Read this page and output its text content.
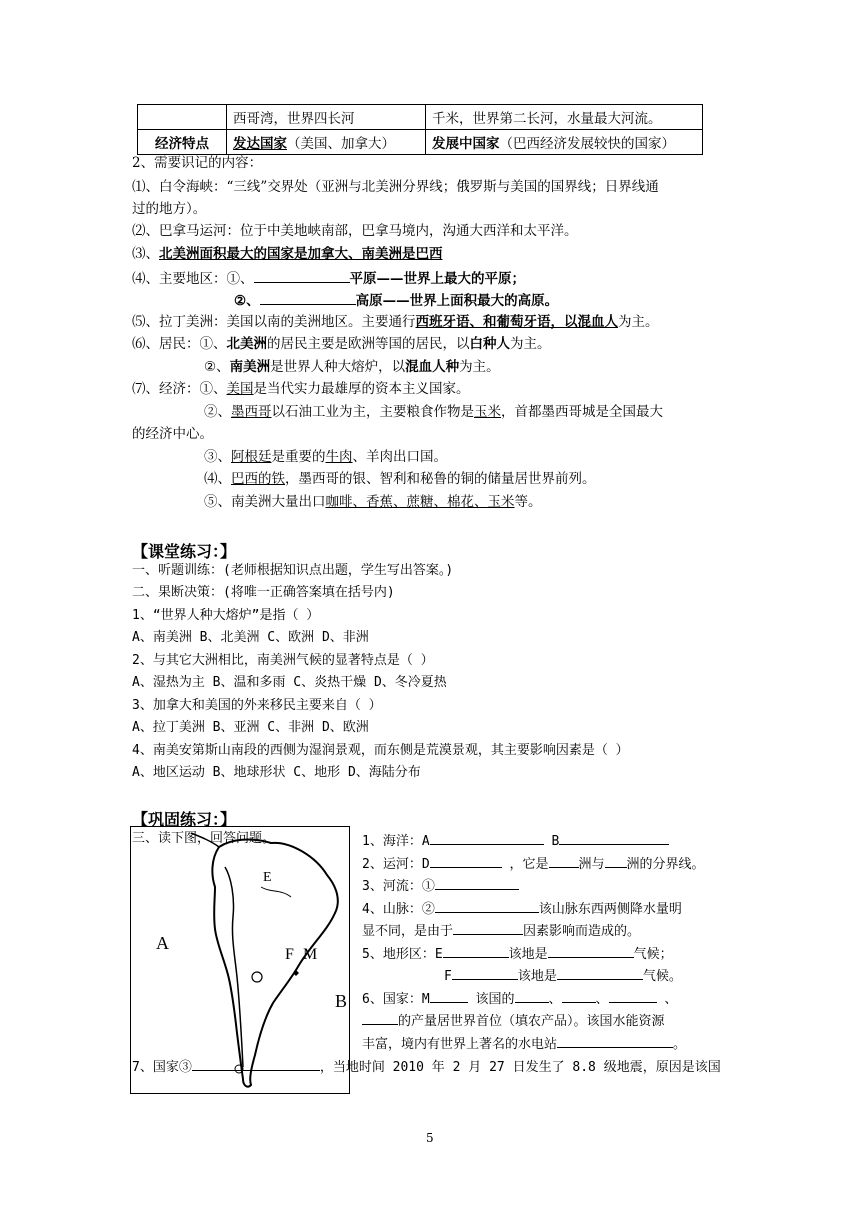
	西哥湾，世界四长河	千米，世界第二长河，水量最大河流。
经济特点	发达国家（美国、加拿大）	发展中国家（巴西经济发展较快的国家）
2、需要识记的内容：
⑴、白令海峡：“三线”交界处（亚洲与北美洲分界线；俄罗斯与美国的国界线；日界线通
过的地方）。
⑵、巴拿马运河：位于中美地峡南部，巴拿马境内，沟通大西洋和太平洋。
⑶、北美洲面积最大的国家是加拿大、南美洲是巴西
⑷、主要地区：①、	平原——世界上最大的平原；
②、	高原——世界上面积最大的高原。
⑸、拉丁美洲：美国以南的美洲地区。主要通行西班牙语、和葡萄牙语，以混血人为主。
⑹、居民：①、北美洲的居民主要是欧洲等国的居民，以白种人为主。
②、南美洲是世界人种大熔炉，以混血人种为主。
⑺、经济：①、美国是当代实力最雄厚的资本主义国家。
②、墨西哥以石油工业为主，主要粮食作物是玉米，首都墨西哥城是全国最大
的经济中心。
③、阿根廷是重要的牛肉、羊肉出口国。
⑷、巴西的铁，墨西哥的银、智利和秘鲁的铜的储量居世界前列。
⑤、南美洲大量出口咖啡、香蕉、蔗糖、棉花、玉米等。
【课堂练习：】
一、听题训练：(老师根据知识点出题，学生写出答案。)
二、果断决策：(将唯一正确答案填在括号内)
1、“世界人种大熔炉”是指（ ）
A、南美洲 B、北美洲 C、欧洲 D、非洲
2、与其它大洲相比，南美洲气候的显著特点是（ ）
A、湿热为主 B、温和多雨 C、炎热干燥 D、冬冷夏热
3、加拿大和美国的外来移民主要来自（ ）
A、拉丁美洲 B、亚洲 C、非洲 D、欧洲
4、南美安第斯山南段的西侧为湿润景观，而东侧是荒漠景观，其主要影响因素是（ ）
A、地区运动 B、地球形状 C、地形 D、海陆分布
【巩固练习：】
三、读下图，回答问题。
A
B
E
F M
1、海洋：A	B
2、运河：D	，它是 洲与 洲的分界线。
3、河流：①
4、山脉：②	该山脉东西两侧降水量明
显不同，是由于	因素影响而造成的。
5、地形区：E	该地是	气候；
F	该地是	气候。
6、国家：M	该国的	、	、	、
的产量居世界首位（填农产品）。该国水能资源
丰富，境内有世界上著名的水电站	。
7、国家③	，当地时间 2010 年 2 月 27 日发生了 8.8 级地震，原因是该国
5
